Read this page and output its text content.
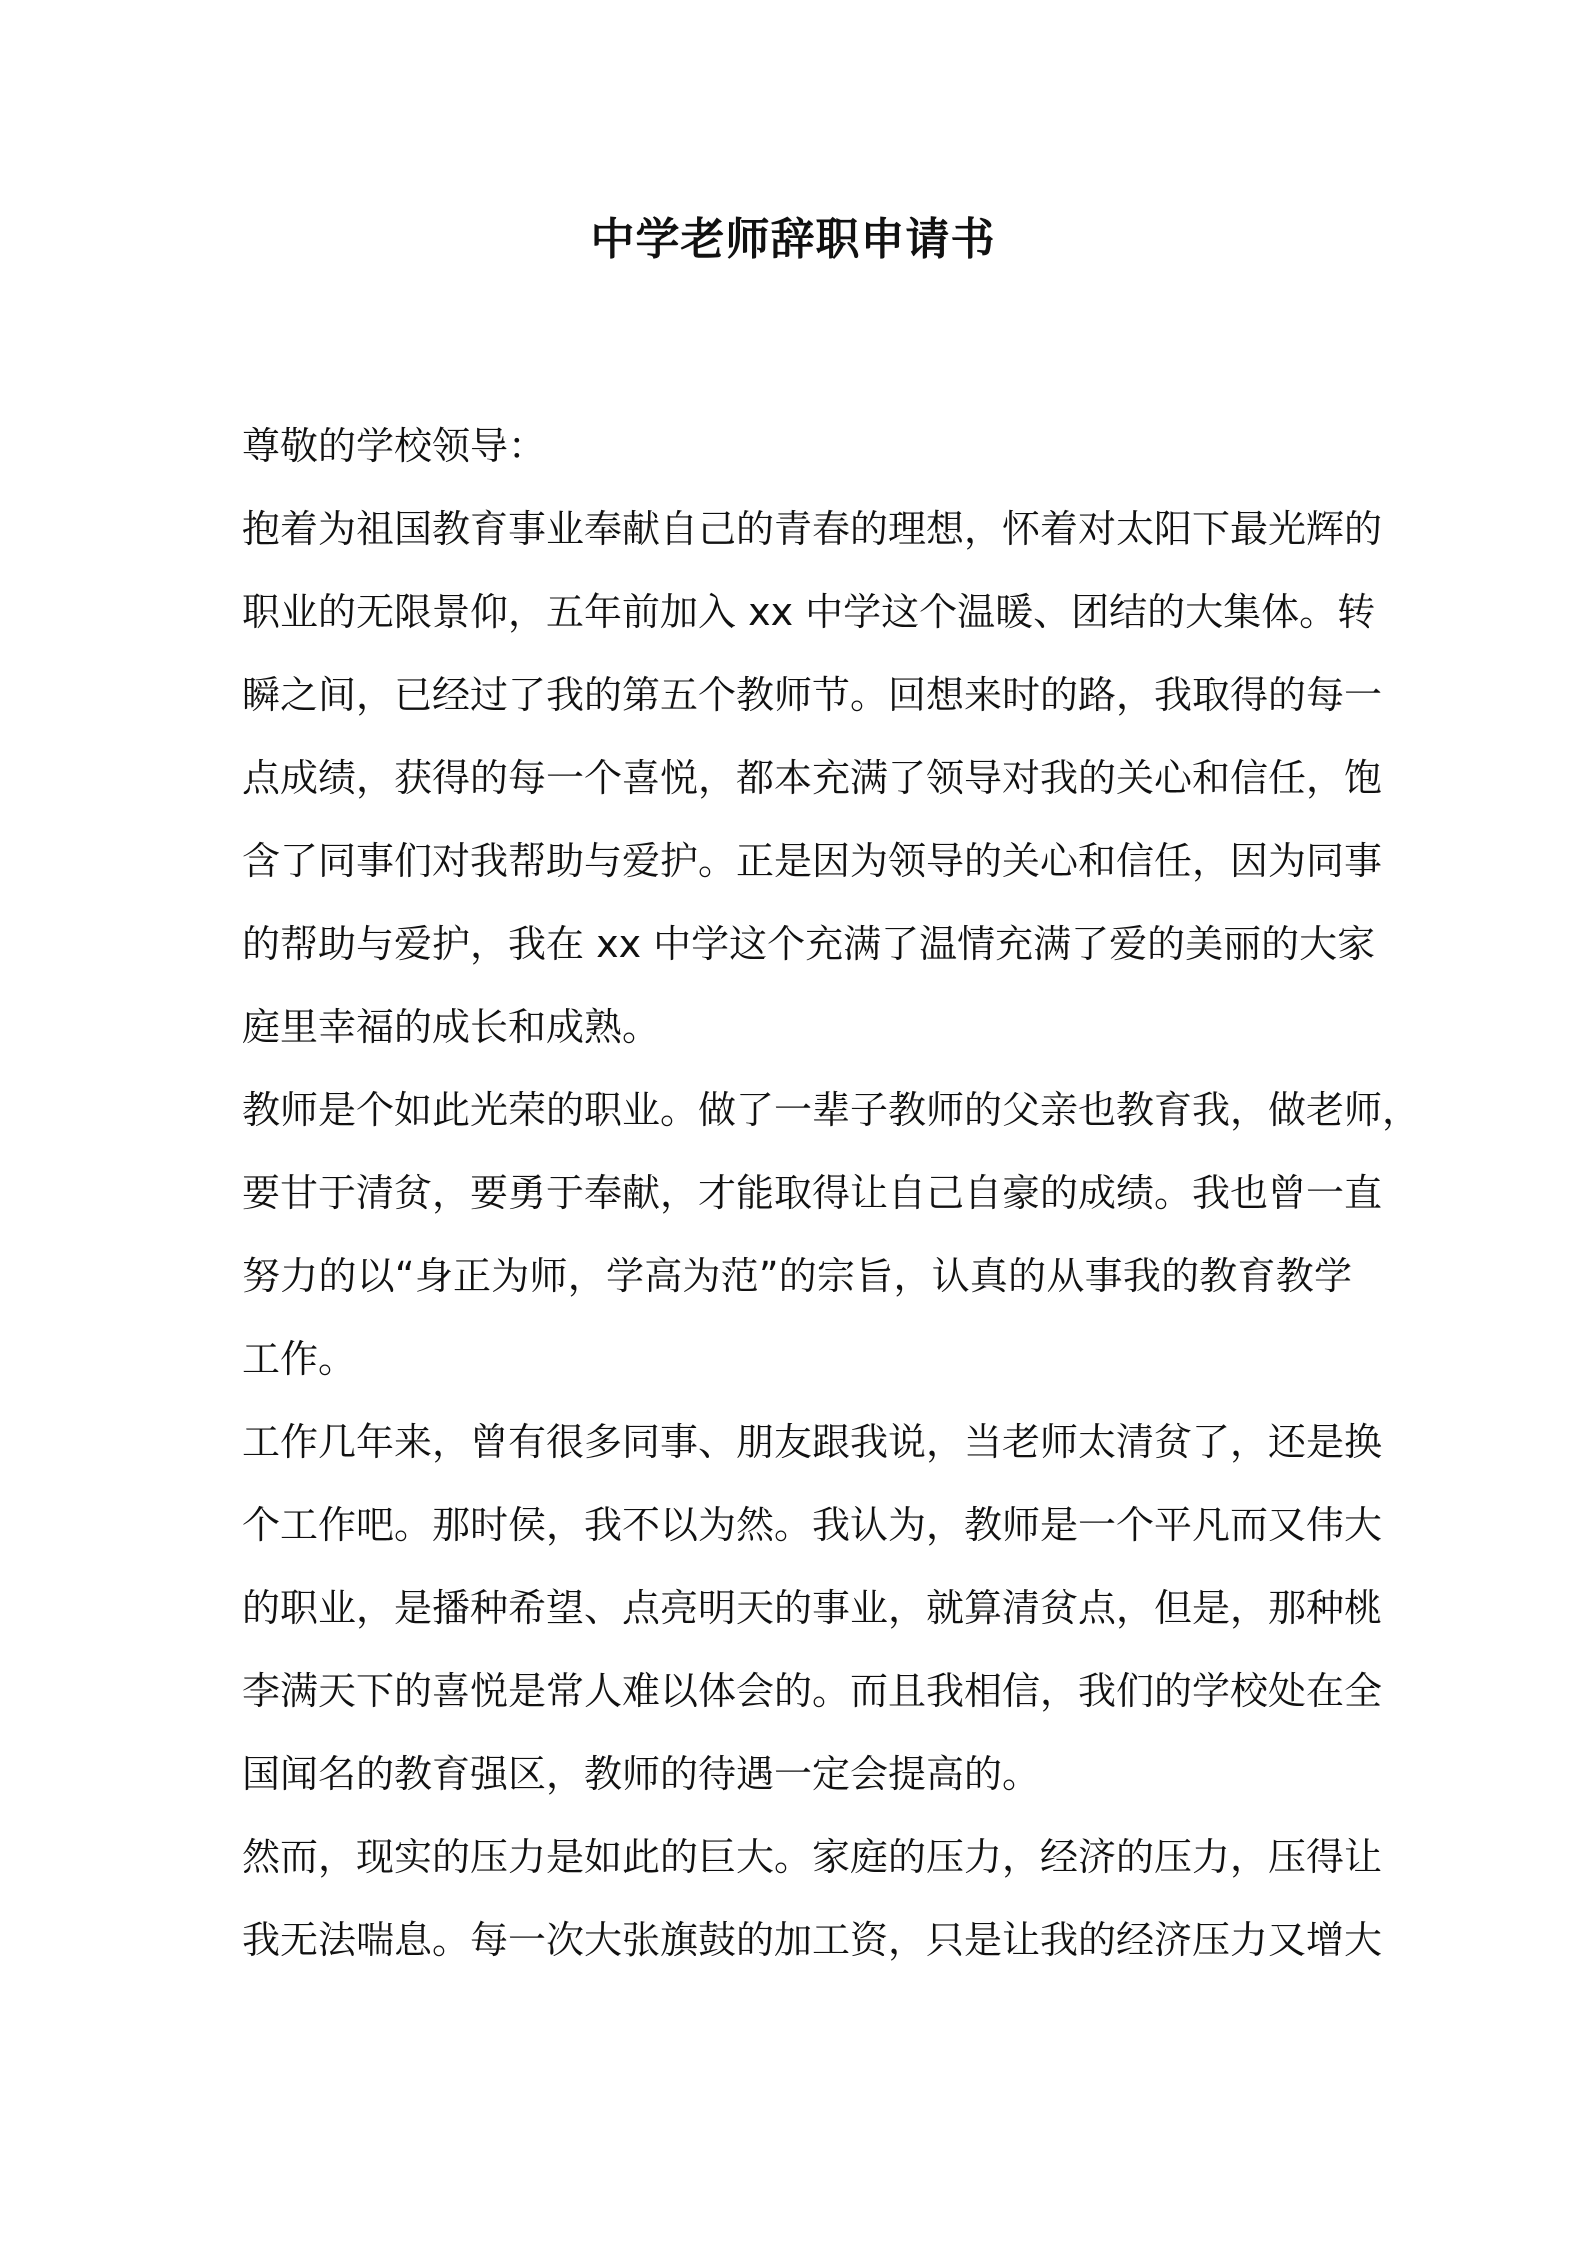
中学老师辞职申请书

尊敬的学校领导：

抱着为祖国教育事业奉献自己的青春的理想，怀着对太阳下最光辉的

职业的无限景仰，五年前加入 xx 中学这个温暖、团结的大集体。转

瞬之间，已经过了我的第五个教师节。回想来时的路，我取得的每一

点成绩，获得的每一个喜悦，都本充满了领导对我的关心和信任，饱

含了同事们对我帮助与爱护。正是因为领导的关心和信任，因为同事

的帮助与爱护，我在 xx 中学这个充满了温情充满了爱的美丽的大家

庭里幸福的成长和成熟。

教师是个如此光荣的职业。做了一辈子教师的父亲也教育我，做老师，

要甘于清贫，要勇于奉献，才能取得让自己自豪的成绩。我也曾一直

努力的以“身正为师，学高为范”的宗旨，认真的从事我的教育教学

工作。

工作几年来，曾有很多同事、朋友跟我说，当老师太清贫了，还是换

个工作吧。那时侯，我不以为然。我认为，教师是一个平凡而又伟大

的职业，是播种希望、点亮明天的事业，就算清贫点，但是，那种桃

李满天下的喜悦是常人难以体会的。而且我相信，我们的学校处在全

国闻名的教育强区，教师的待遇一定会提高的。

然而，现实的压力是如此的巨大。家庭的压力，经济的压力，压得让

我无法喘息。每一次大张旗鼓的加工资，只是让我的经济压力又增大
